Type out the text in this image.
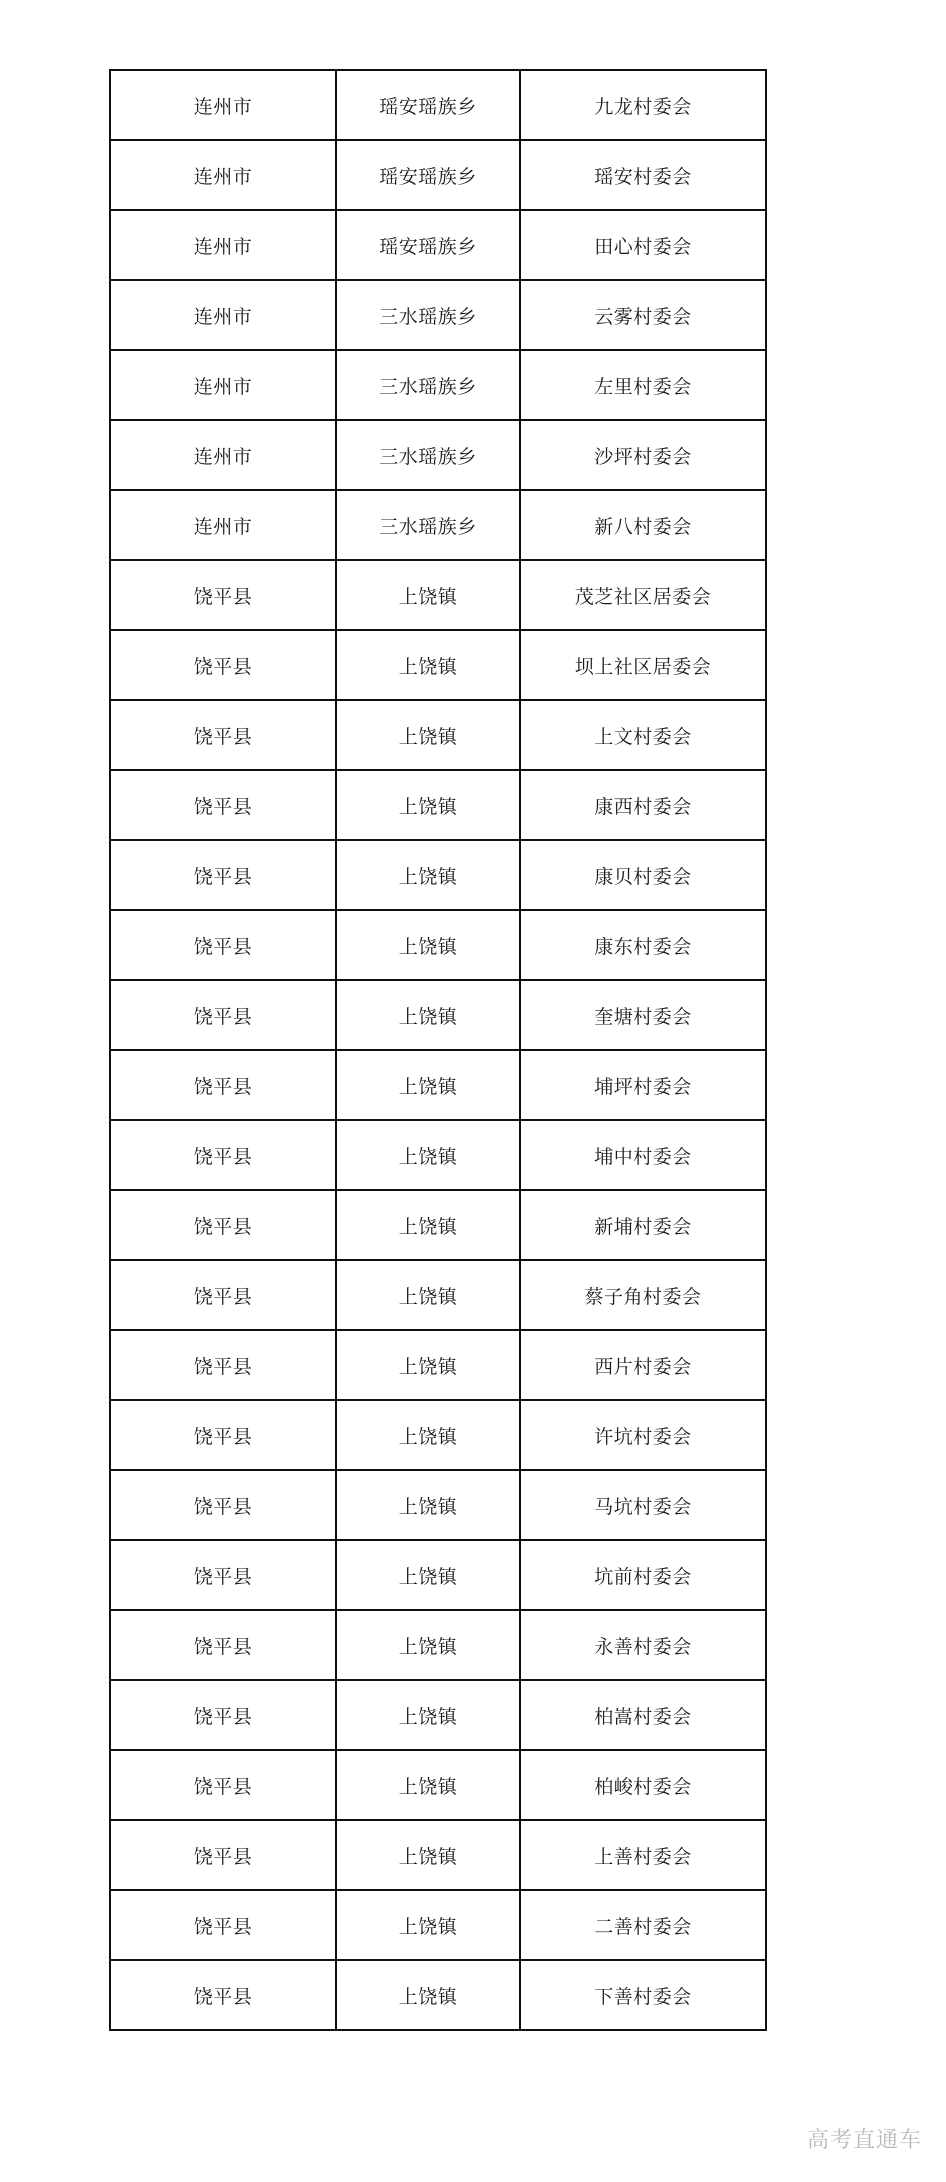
连州市	瑶安瑶族乡	九龙村委会
连州市	瑶安瑶族乡	瑶安村委会
连州市	瑶安瑶族乡	田心村委会
连州市	三水瑶族乡	云雾村委会
连州市	三水瑶族乡	左里村委会
连州市	三水瑶族乡	沙坪村委会
连州市	三水瑶族乡	新八村委会
饶平县	上饶镇	茂芝社区居委会
饶平县	上饶镇	坝上社区居委会
饶平县	上饶镇	上文村委会
饶平县	上饶镇	康西村委会
饶平县	上饶镇	康贝村委会
饶平县	上饶镇	康东村委会
饶平县	上饶镇	奎塘村委会
饶平县	上饶镇	埔坪村委会
饶平县	上饶镇	埔中村委会
饶平县	上饶镇	新埔村委会
饶平县	上饶镇	蔡子角村委会
饶平县	上饶镇	西片村委会
饶平县	上饶镇	许坑村委会
饶平县	上饶镇	马坑村委会
饶平县	上饶镇	坑前村委会
饶平县	上饶镇	永善村委会
饶平县	上饶镇	柏嵩村委会
饶平县	上饶镇	柏峻村委会
饶平县	上饶镇	上善村委会
饶平县	上饶镇	二善村委会
饶平县	上饶镇	下善村委会
高考直通车
